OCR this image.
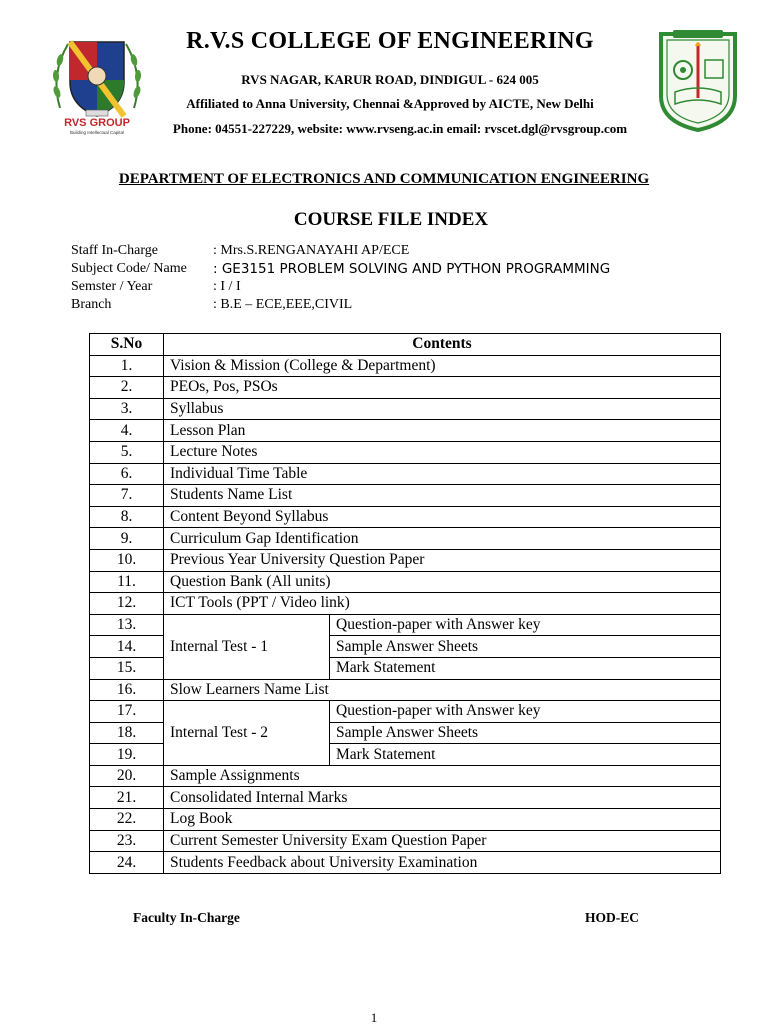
RVS GROUP
Building Intellectual Capital
R.V.S COLLEGE OF ENGINEERING
RVS NAGAR, KARUR ROAD, DINDIGUL - 624 005
Affiliated to Anna University, Chennai &Approved by AICTE, New Delhi
Phone: 04551-227229, website: www.rvseng.ac.in email: rvscet.dgl@rvsgroup.com
DEPARTMENT OF ELECTRONICS AND COMMUNICATION ENGINEERING
COURSE FILE INDEX
Staff In-Charge	: Mrs.S.RENGANAYAHI AP/ECE
Subject Code/ Name : GE3151 PROBLEM SOLVING AND PYTHON PROGRAMMING
Semster / Year	: I / I
Branch	: B.E – ECE,EEE,CIVIL
S.No	Contents	
1.	Vision & Mission (College & Department)	
2.	PEOs, Pos, PSOs	
3.	Syllabus	
4.	Lesson Plan	
5.	Lecture Notes	
6.	Individual Time Table	
7.	Students Name List	
8.	Content Beyond Syllabus	
9.	Curriculum Gap Identification	
10.	Previous Year University Question Paper	
11.	Question Bank (All units)	
12.	ICT Tools (PPT / Video link)	
13.	Internal Test - 1	Question-paper with Answer key
14.		Sample Answer Sheets
15.		Mark Statement
16.	Slow Learners Name List	
17.	Internal Test - 2	Question-paper with Answer key
18.		Sample Answer Sheets
19.		Mark Statement
20.	Sample Assignments	
21.	Consolidated Internal Marks	
22.	Log Book	
23.	Current Semester University Exam Question Paper	
24.	Students Feedback about University Examination	
Faculty In-Charge	HOD-EC
1
